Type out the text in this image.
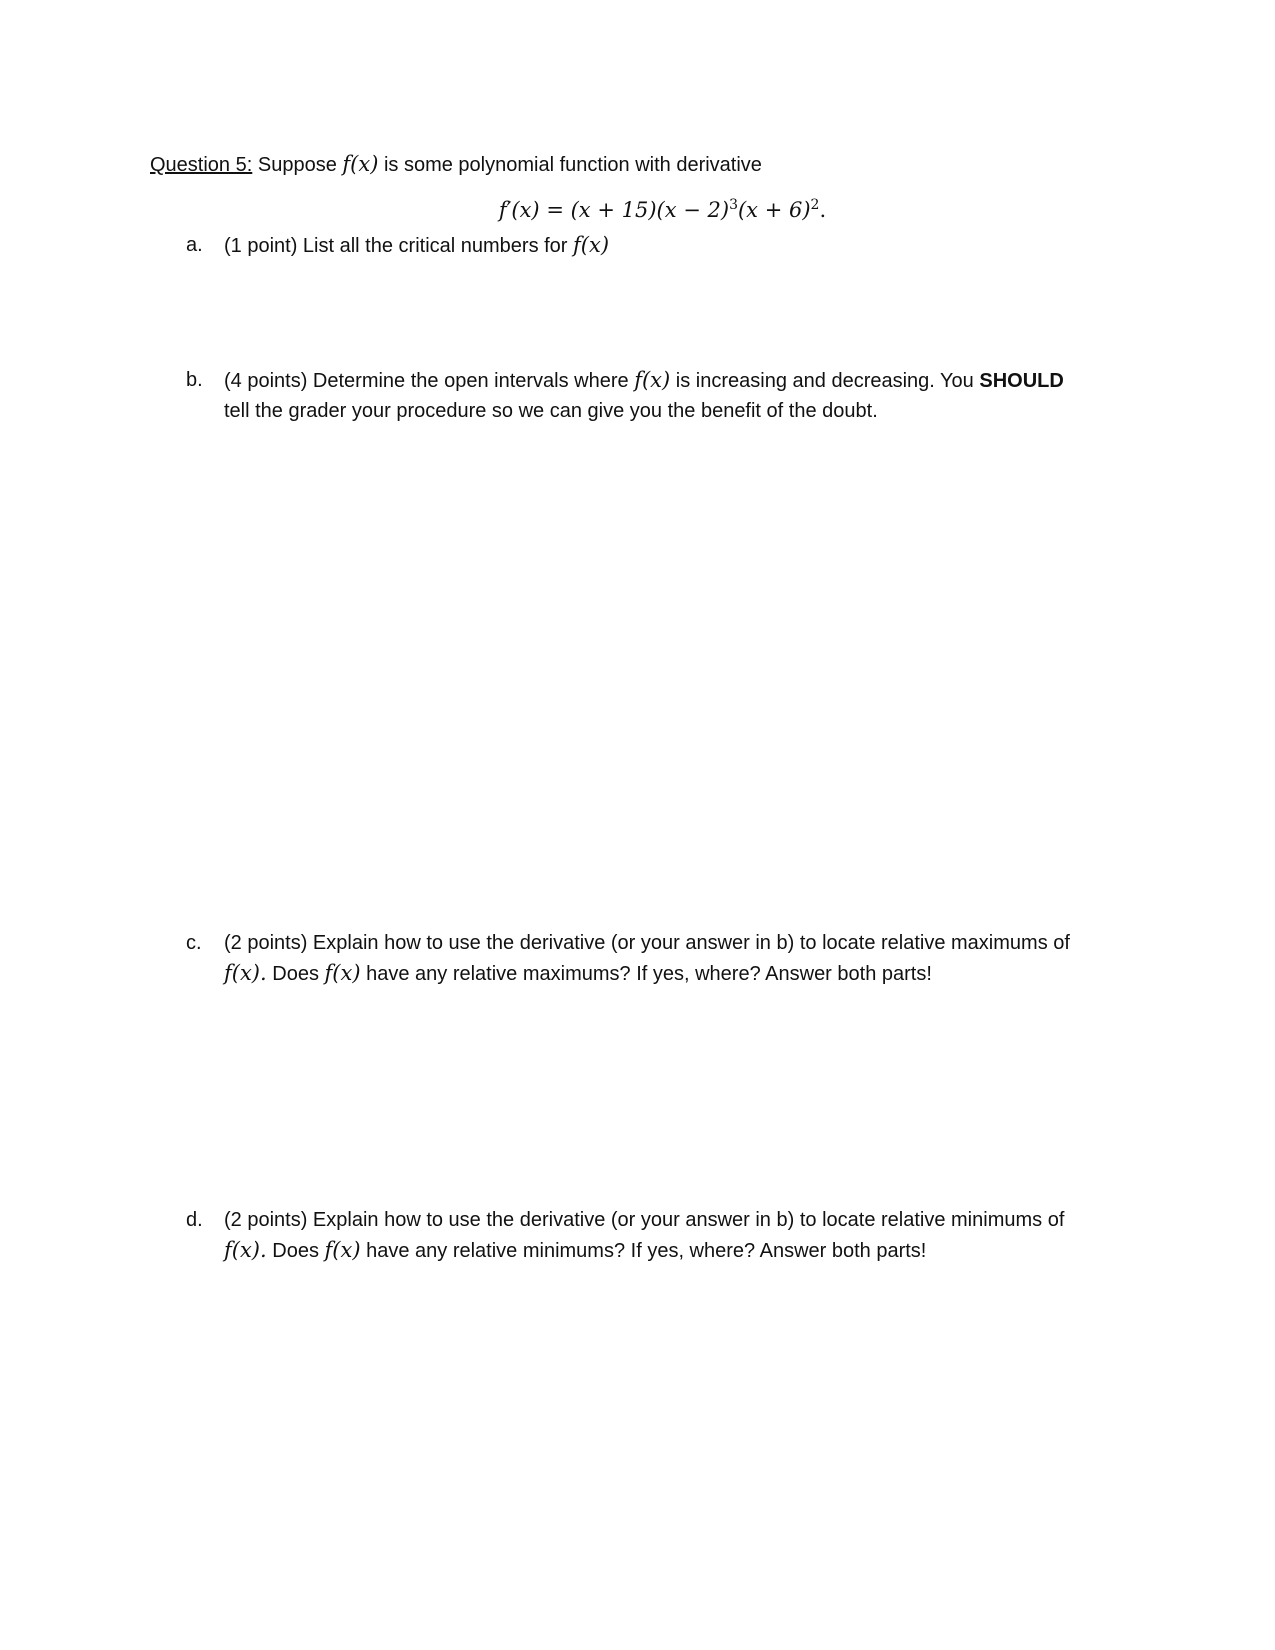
Question 5: Suppose f(x) is some polynomial function with derivative
$f'(x) = (x + 15)(x - 2)^3(x + 6)^2$.
a. (1 point) List all the critical numbers for f(x)
b. (4 points) Determine the open intervals where f(x) is increasing and decreasing. You SHOULD
tell the grader your procedure so we can give you the benefit of the doubt.
c. (2 points) Explain how to use the derivative (or your answer in b) to locate relative maximums of
f(x). Does f(x) have any relative maximums? If yes, where? Answer both parts!
d. (2 points) Explain how to use the derivative (or your answer in b) to locate relative minimums of
f(x). Does f(x) have any relative minimums? If yes, where? Answer both parts!
